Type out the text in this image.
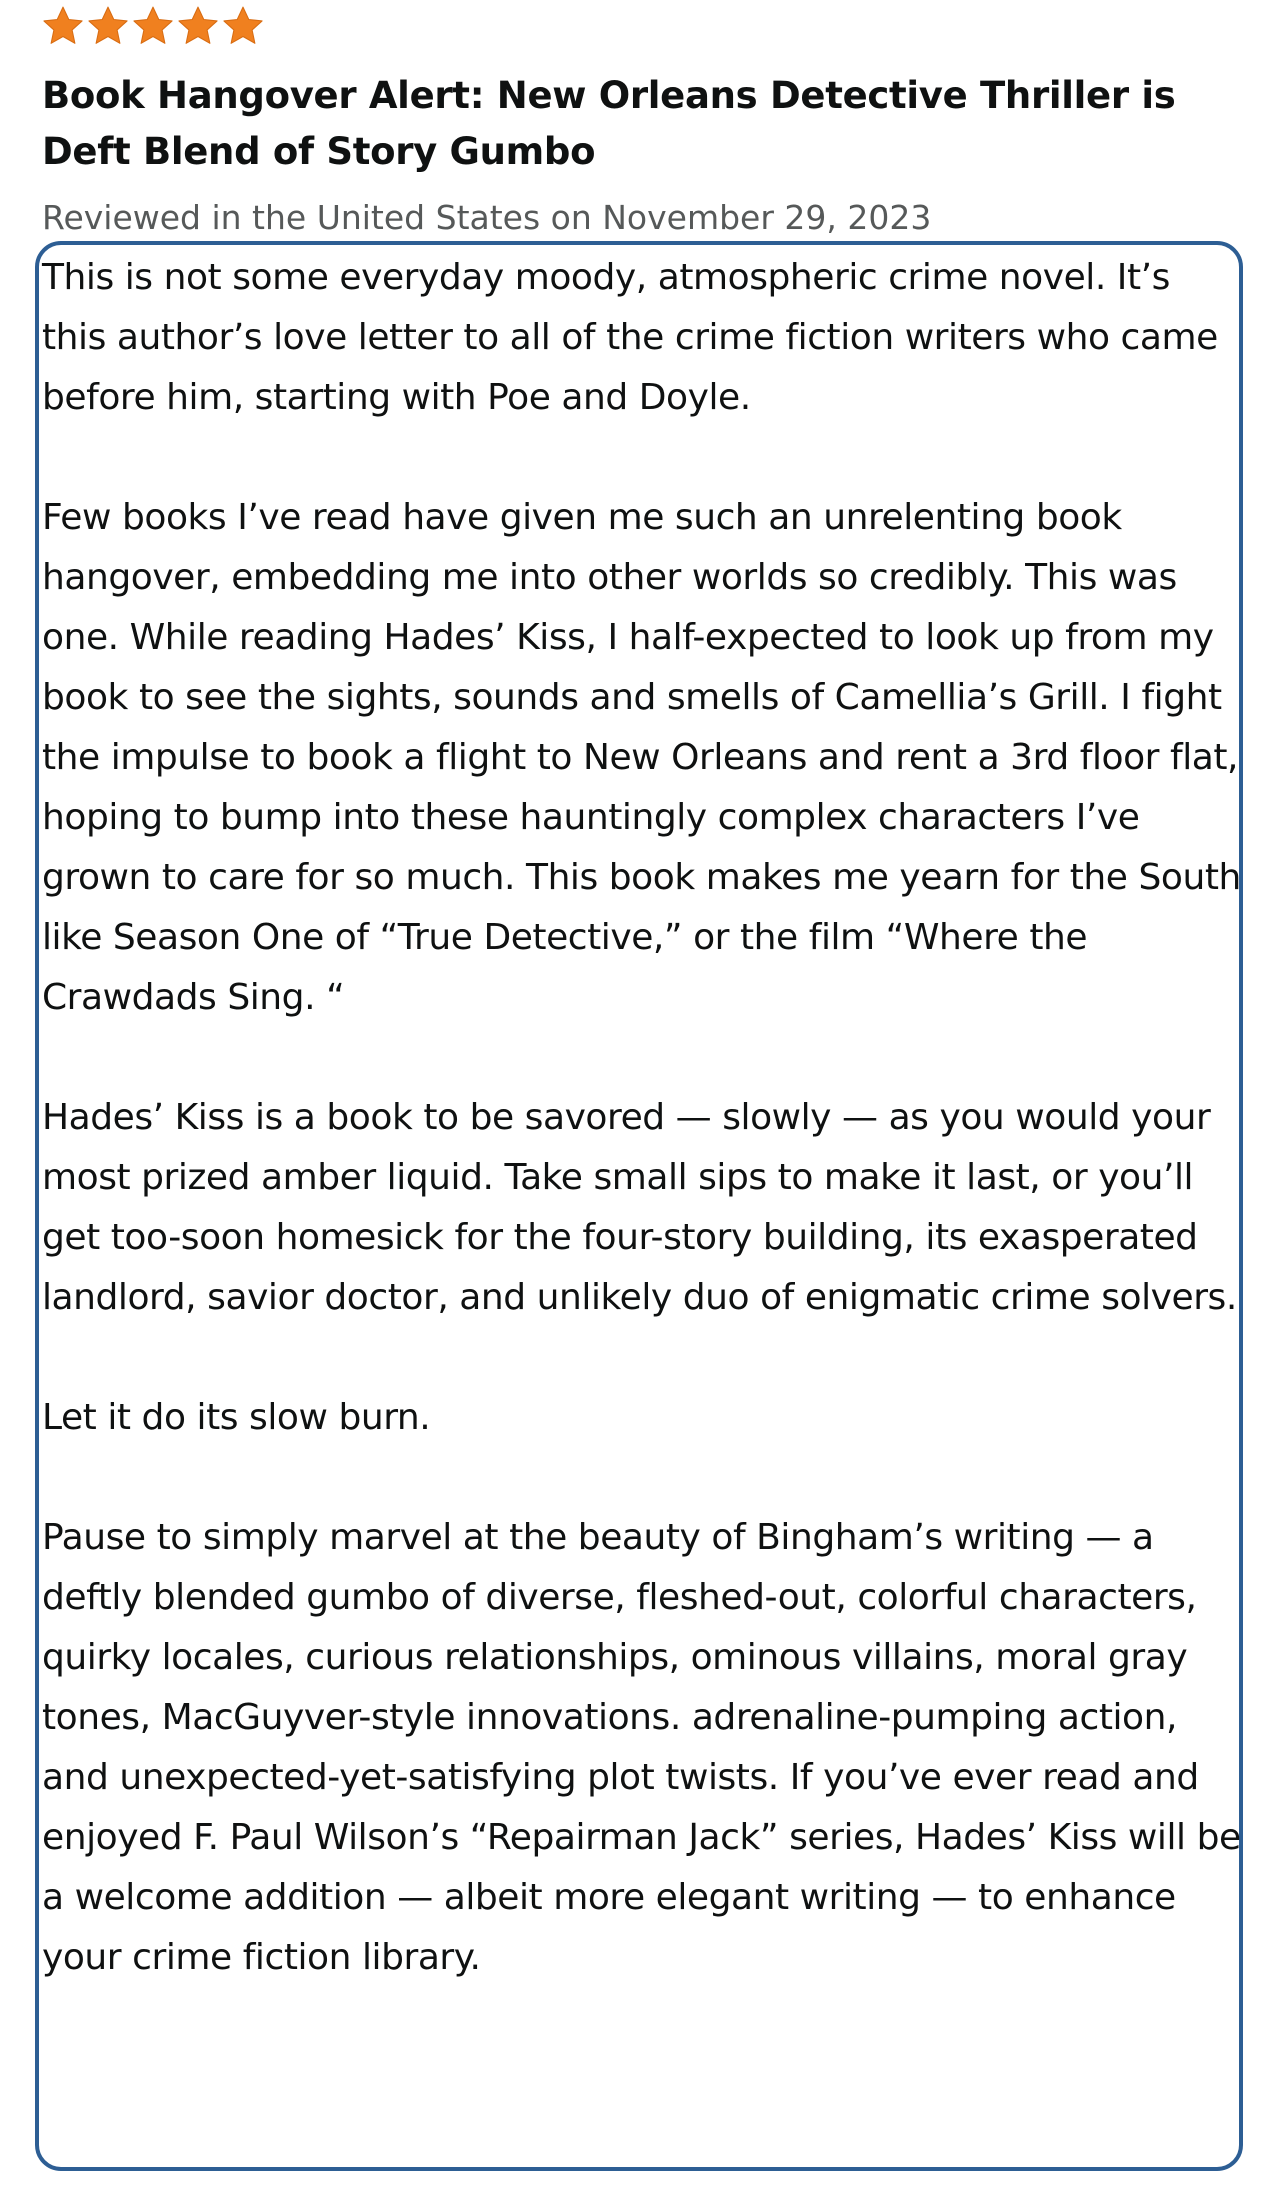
Book Hangover Alert: New Orleans Detective Thriller is Deft Blend of Story Gumbo
Reviewed in the United States on November 29, 2023

This is not some everyday moody, atmospheric crime novel. It’s this author’s love letter to all of the crime fiction writers who came before him, starting with Poe and Doyle.

Few books I’ve read have given me such an unrelenting book hangover, embedding me into other worlds so credibly. This was one. While reading Hades’ Kiss, I half-expected to look up from my book to see the sights, sounds and smells of Camellia’s Grill. I fight the impulse to book a flight to New Orleans and rent a 3rd floor flat, hoping to bump into these hauntingly complex characters I’ve grown to care for so much. This book makes me yearn for the South like Season One of “True Detective,” or the film “Where the Crawdads Sing. “

Hades’ Kiss is a book to be savored — slowly — as you would your most prized amber liquid. Take small sips to make it last, or you’ll get too-soon homesick for the four-story building, its exasperated landlord, savior doctor, and unlikely duo of enigmatic crime solvers.

Let it do its slow burn.

Pause to simply marvel at the beauty of Bingham’s writing — a deftly blended gumbo of diverse, fleshed-out, colorful characters, quirky locales, curious relationships, ominous villains, moral gray tones, MacGuyver-style innovations. adrenaline-pumping action, and unexpected-yet-satisfying plot twists. If you’ve ever read and enjoyed F. Paul Wilson’s “Repairman Jack” series, Hades’ Kiss will be a welcome addition — albeit more elegant writing — to enhance your crime fiction library.
